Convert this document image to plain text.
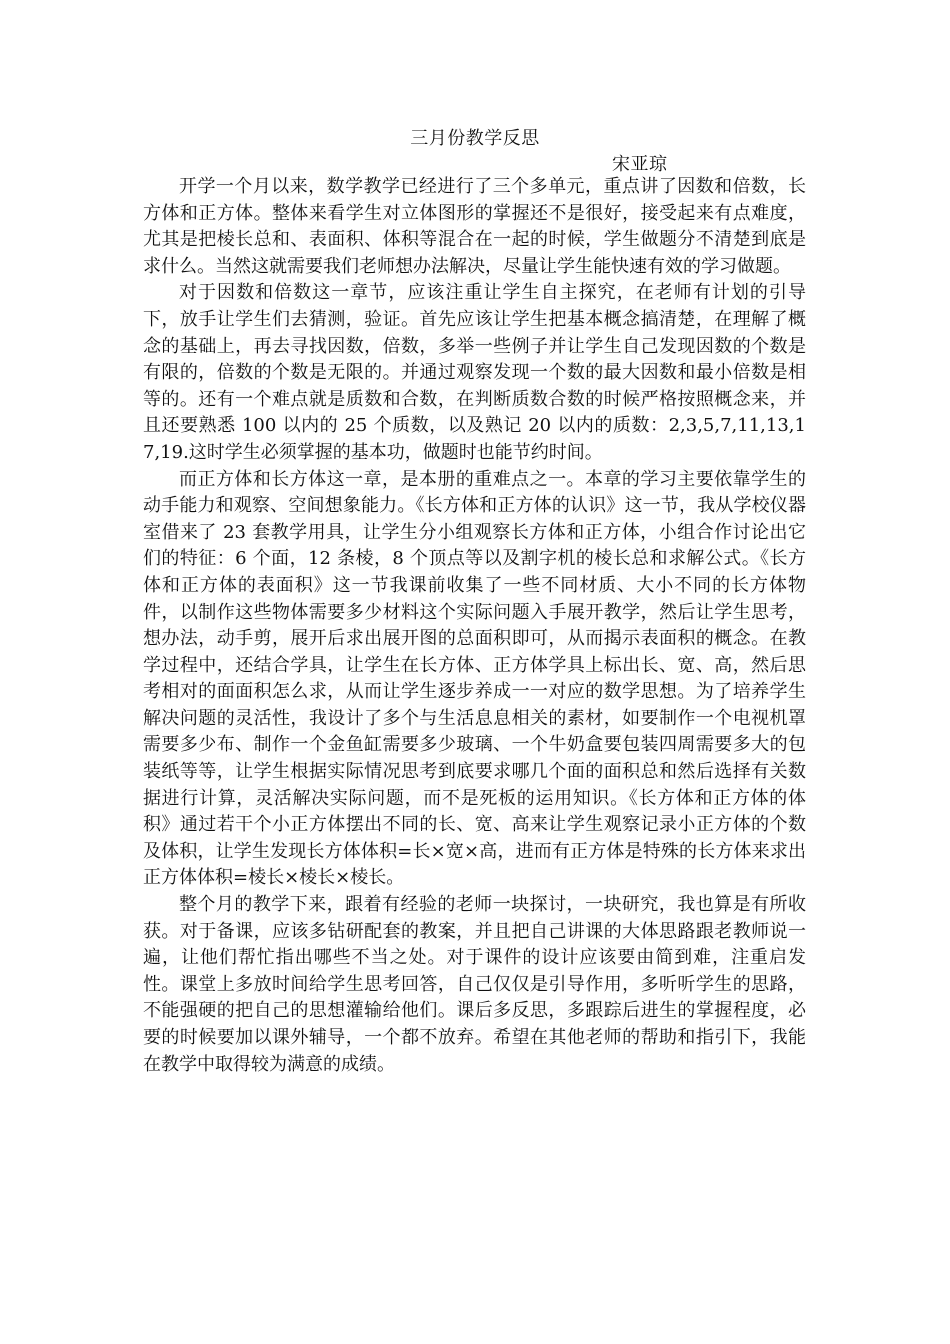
三月份教学反思
宋亚琼

开学一个月以来，数学教学已经进行了三个多单元，重点讲了因数和倍数，长方体和正方体。整体来看学生对立体图形的掌握还不是很好，接受起来有点难度，尤其是把棱长总和、表面积、体积等混合在一起的时候，学生做题分不清楚到底是求什么。当然这就需要我们老师想办法解决，尽量让学生能快速有效的学习做题。

对于因数和倍数这一章节，应该注重让学生自主探究，在老师有计划的引导下，放手让学生们去猜测，验证。首先应该让学生把基本概念搞清楚，在理解了概念的基础上，再去寻找因数，倍数，多举一些例子并让学生自己发现因数的个数是有限的，倍数的个数是无限的。并通过观察发现一个数的最大因数和最小倍数是相等的。还有一个难点就是质数和合数，在判断质数合数的时候严格按照概念来，并且还要熟悉 100 以内的 25 个质数，以及熟记 20 以内的质数：2,3,5,7,11,13,17,19.这时学生必须掌握的基本功，做题时也能节约时间。

而正方体和长方体这一章，是本册的重难点之一。本章的学习主要依靠学生的动手能力和观察、空间想象能力。《长方体和正方体的认识》这一节，我从学校仪器室借来了 23 套教学用具，让学生分小组观察长方体和正方体，小组合作讨论出它们的特征：6 个面，12 条棱，8 个顶点等以及割字机的棱长总和求解公式。《长方体和正方体的表面积》这一节我课前收集了一些不同材质、大小不同的长方体物件，以制作这些物体需要多少材料这个实际问题入手展开教学，然后让学生思考，想办法，动手剪，展开后求出展开图的总面积即可，从而揭示表面积的概念。在教学过程中，还结合学具，让学生在长方体、正方体学具上标出长、宽、高，然后思考相对的面面积怎么求，从而让学生逐步养成一一对应的数学思想。为了培养学生解决问题的灵活性，我设计了多个与生活息息相关的素材，如要制作一个电视机罩需要多少布、制作一个金鱼缸需要多少玻璃、一个牛奶盒要包装四周需要多大的包装纸等等，让学生根据实际情况思考到底要求哪几个面的面积总和然后选择有关数据进行计算，灵活解决实际问题，而不是死板的运用知识。《长方体和正方体的体积》通过若干个小正方体摆出不同的长、宽、高来让学生观察记录小正方体的个数及体积，让学生发现长方体体积=长×宽×高，进而有正方体是特殊的长方体来求出正方体体积=棱长×棱长×棱长。

整个月的教学下来，跟着有经验的老师一块探讨，一块研究，我也算是有所收获。对于备课，应该多钻研配套的教案，并且把自己讲课的大体思路跟老教师说一遍，让他们帮忙指出哪些不当之处。对于课件的设计应该要由简到难，注重启发性。课堂上多放时间给学生思考回答，自己仅仅是引导作用，多听听学生的思路，不能强硬的把自己的思想灌输给他们。课后多反思，多跟踪后进生的掌握程度，必要的时候要加以课外辅导，一个都不放弃。希望在其他老师的帮助和指引下，我能在教学中取得较为满意的成绩。
